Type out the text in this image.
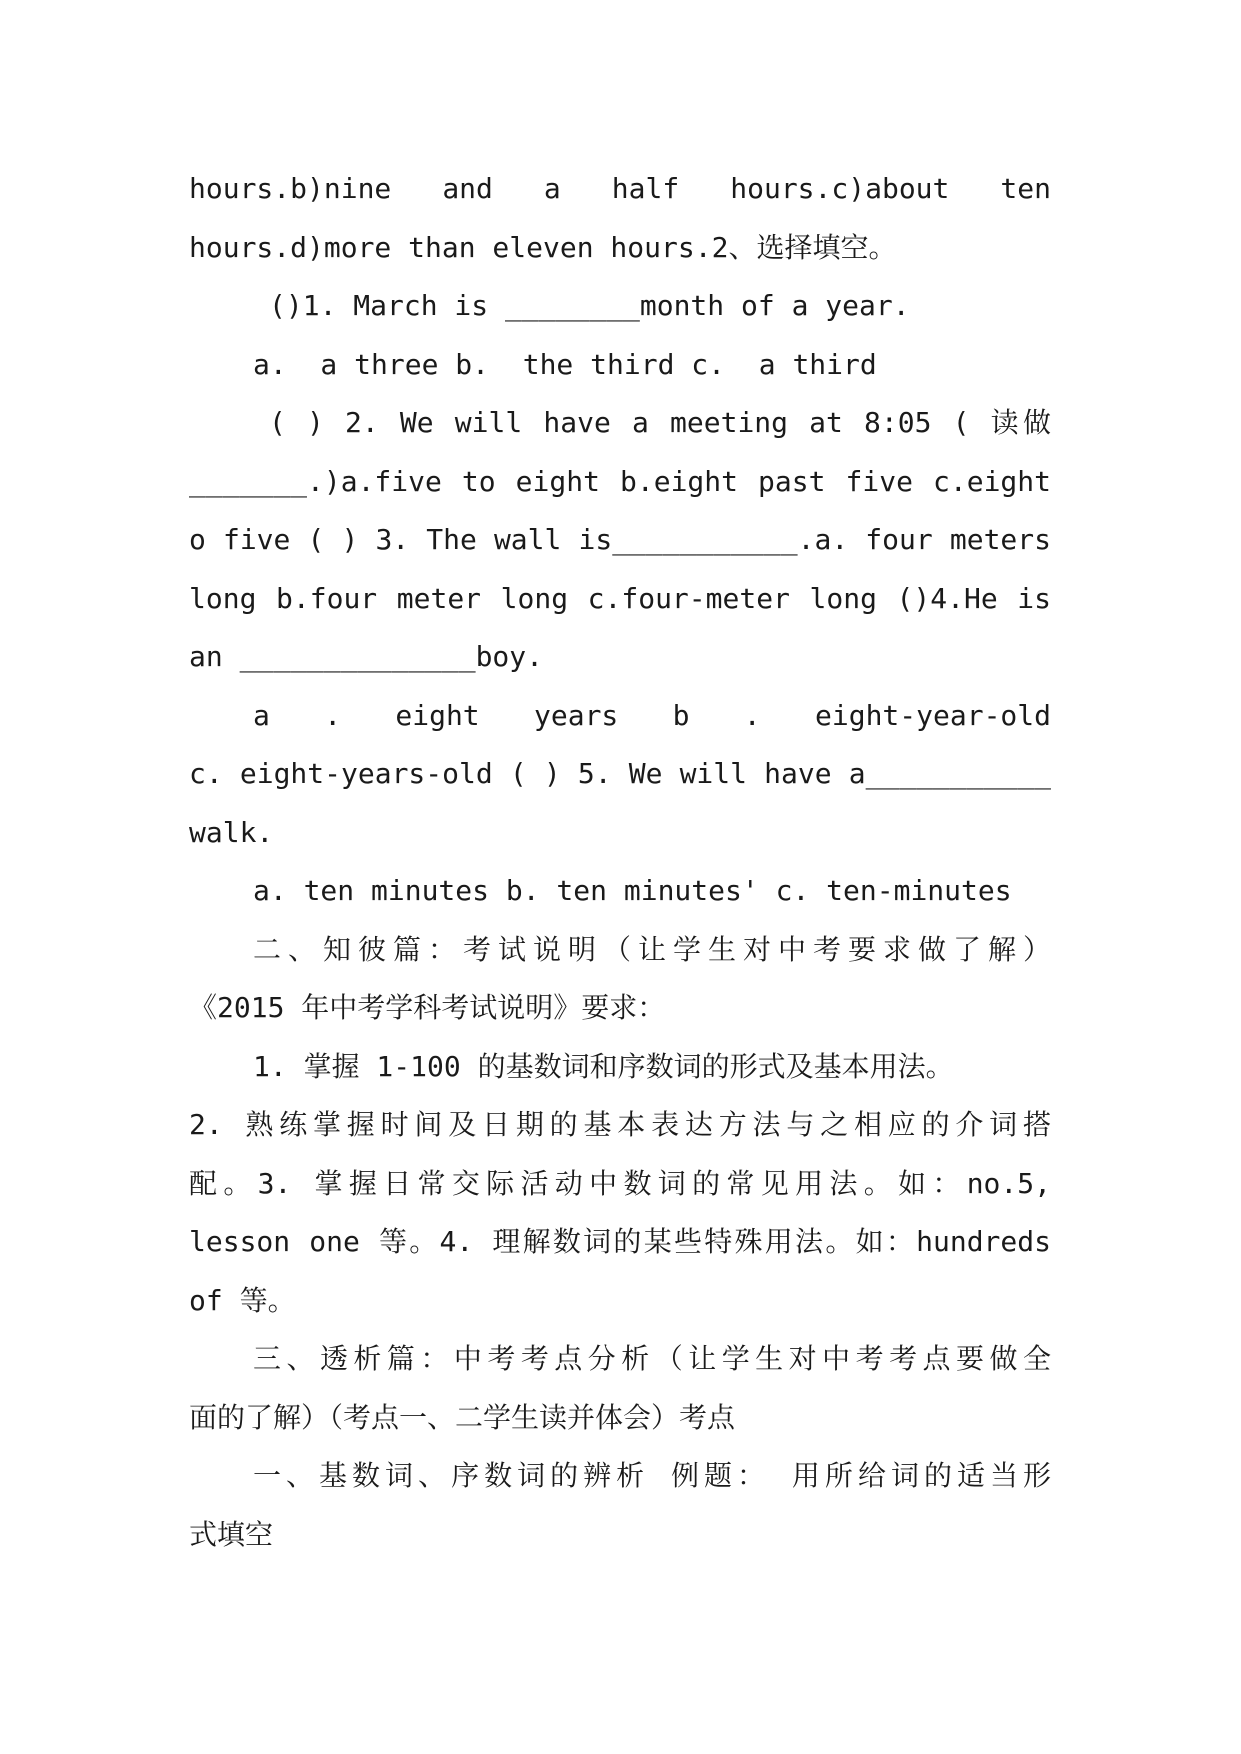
hours.b)nine and a half hours.c)about ten
hours.d)more than eleven hours.2、选择填空。
()1. March is ________month of a year.
a.  a three b.  the third c.  a third
( ) 2. We will have a meeting at 8:05 ( 读做
_______.)a.five to eight b.eight past five c.eight
o five ( ) 3. The wall is___________.a. four meters
long b.four meter long c.four-meter long ()4.He is
an ______________boy.
a . eight years b . eight-year-old
c. eight-years-old ( ) 5. We will have a___________
walk.
a. ten minutes b. ten minutes' c. ten-minutes
二、知彼篇：考试说明（让学生对中考要求做了解）
《2015 年中考学科考试说明》要求：
1. 掌握 1-100 的基数词和序数词的形式及基本用法。
2. 熟练掌握时间及日期的基本表达方法与之相应的介词搭
配。3. 掌握日常交际活动中数词的常见用法。如：no.5,
lesson one 等。4. 理解数词的某些特殊用法。如：hundreds
of 等。
三、透析篇：中考考点分析（让学生对中考考点要做全
面的了解）（考点一、二学生读并体会）考点
一、基数词、序数词的辨析 例题： 用所给词的适当形
式填空
